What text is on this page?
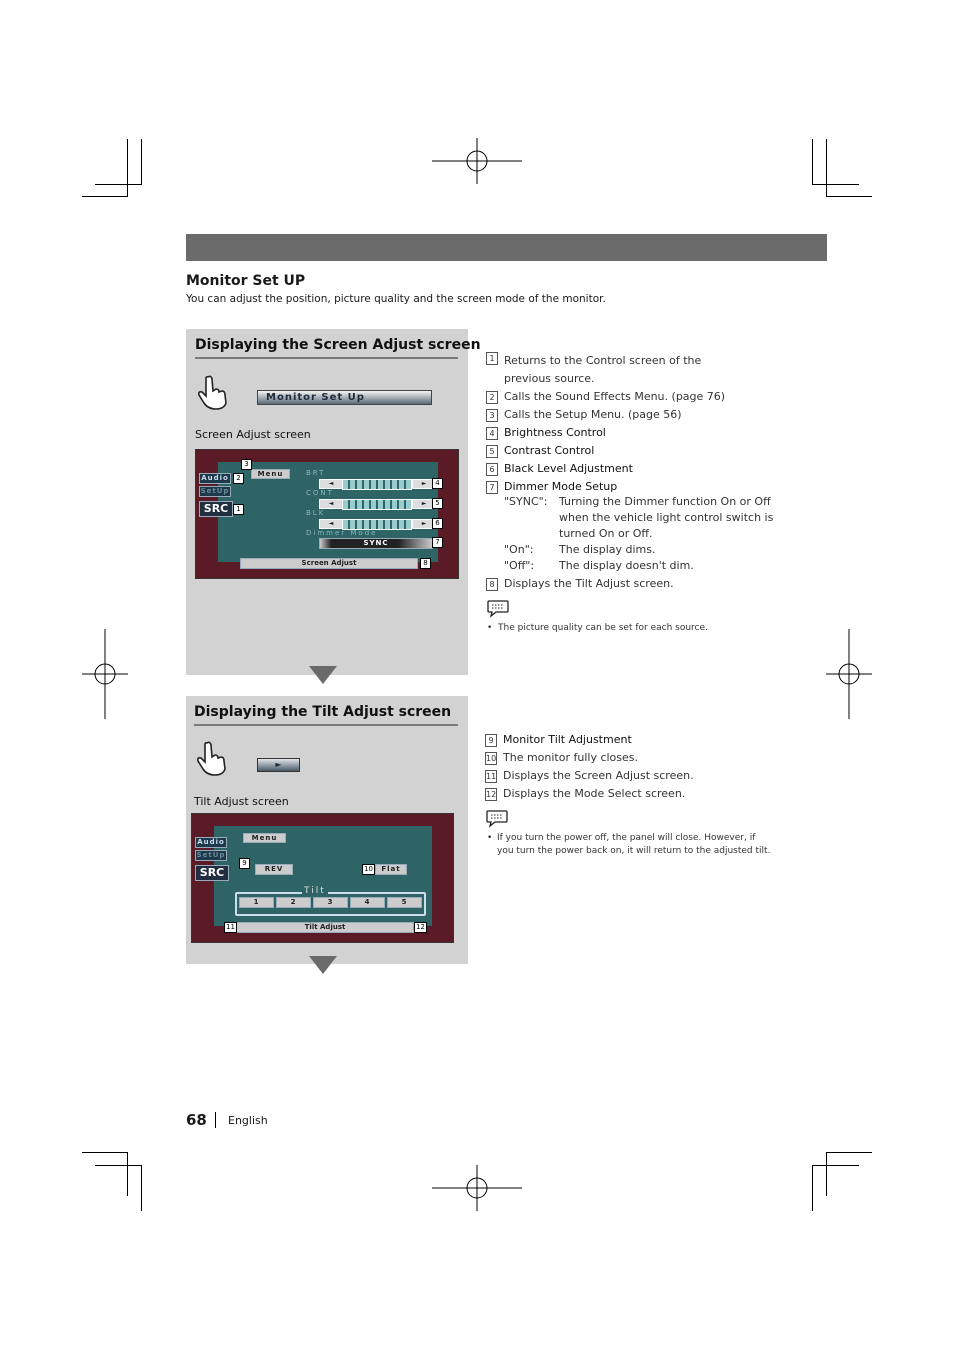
Monitor Set UP
You can adjust the position, picture quality and the screen mode of the monitor.
Displaying the Screen Adjust screen
Monitor Set Up
Screen Adjust screen
Audio
SetUp
SRC
Menu	BRT
CONT
BLK
◄	►
◄	►
◄	►
Dimmer Mode
SYNC
Screen Adjust
3
2
1
4
5
6
7
8
Displaying the Tilt Adjust screen
►
Tilt Adjust screen
Audio
SetUp
SRC
Menu
REV	Flat
Tilt
1	2	3	4	5
Tilt Adjust
9
10
11	12
1 Returns to the Control screen of the previous source.
2 Calls the Sound Effects Menu. (page 76)
3 Calls the Setup Menu. (page 56)
4 Brightness Control
5 Contrast Control
6 Black Level Adjustment
7 Dimmer Mode Setup
"SYNC":	Turning the Dimmer function On or Off when the vehicle light control switch is turned On or Off.
"On":	The display dims.
"Off":	The display doesn't dim.
8 Displays the Tilt Adjust screen.
•  The picture quality can be set for each source.
9 Monitor Tilt Adjustment
10 The monitor fully closes.
11 Displays the Screen Adjust screen.
12 Displays the Mode Select screen.
• If you turn the power off, the panel will close. However, if you turn the power back on, it will return to the adjusted tilt.
68 English
